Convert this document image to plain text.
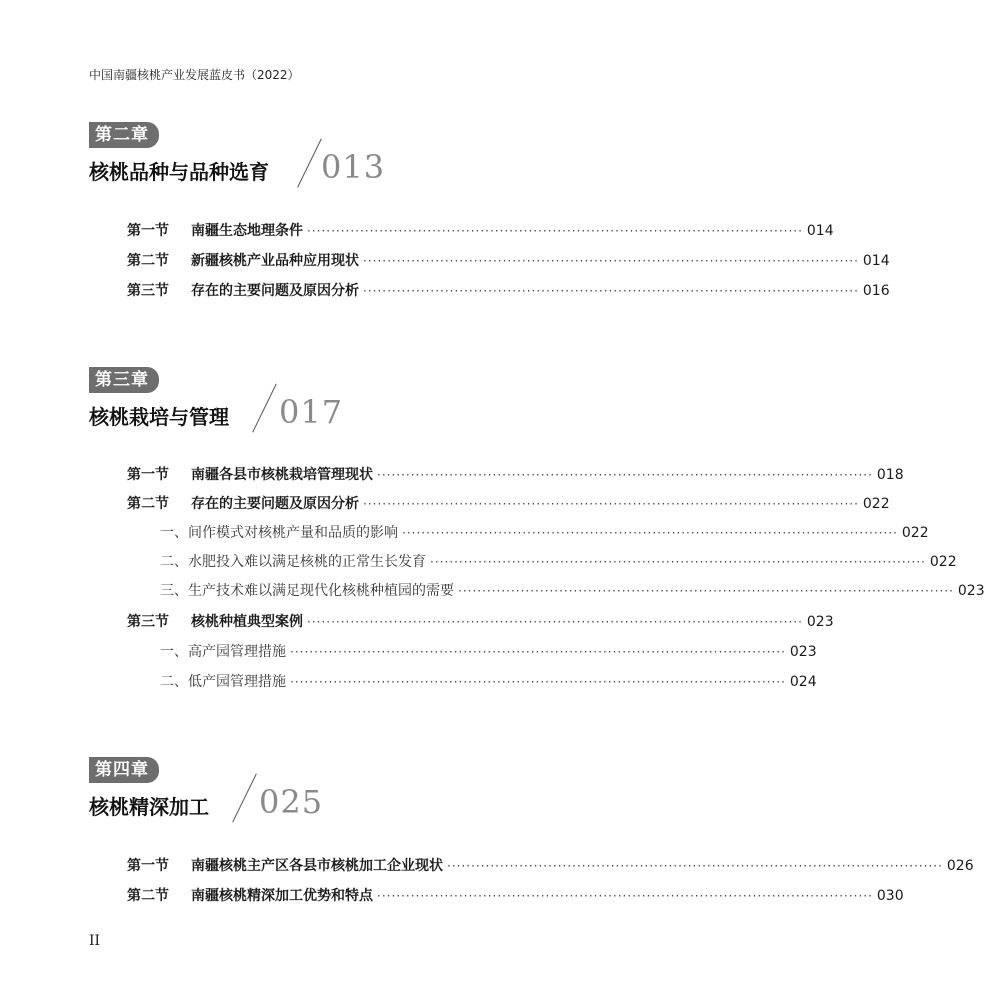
中国南疆核桃产业发展蓝皮书（2022）
第二章
核桃品种与品种选育 013
第一节	南疆生态地理条件 ······································································································· 014
第二节	新疆核桃产业品种应用现状 ······································································································· 014
第三节	存在的主要问题及原因分析 ······································································································· 016
第三章
核桃栽培与管理 017
第一节	南疆各县市核桃栽培管理现状 ······································································································· 018
第二节	存在的主要问题及原因分析 ······································································································· 022
一、间作模式对核桃产量和品质的影响 ······································································································· 022
二、水肥投入难以满足核桃的正常生长发育 ······································································································· 022
三、生产技术难以满足现代化核桃种植园的需要 ······································································································· 023
第三节	核桃种植典型案例 ······································································································· 023
一、高产园管理措施 ······································································································· 023
二、低产园管理措施 ······································································································· 024
第四章
核桃精深加工 025
第一节	南疆核桃主产区各县市核桃加工企业现状 ······································································································· 026
第二节	南疆核桃精深加工优势和特点 ······································································································· 030
II
